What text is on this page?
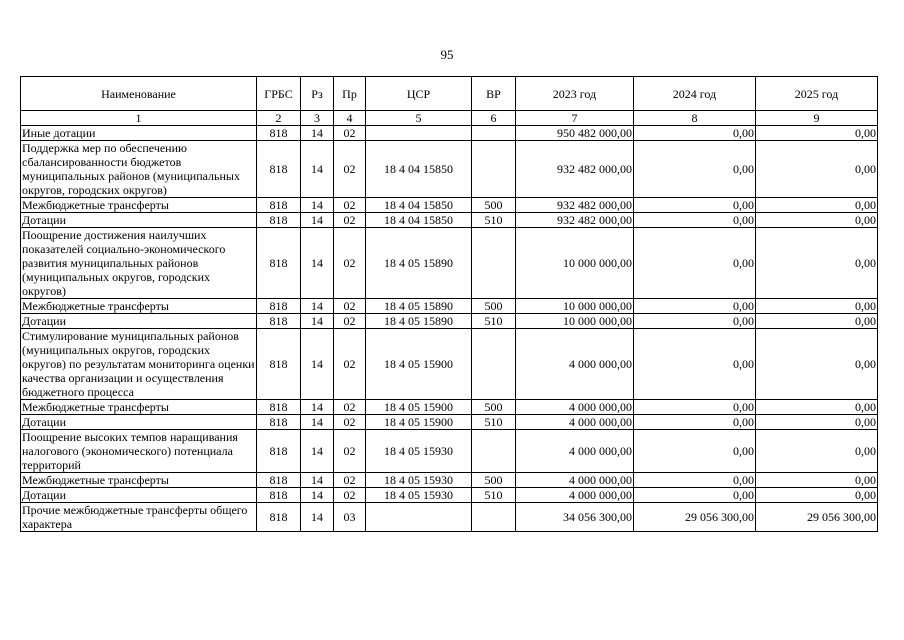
95
Наименование	ГРБС	Рз	Пр	ЦСР	ВР	2023 год	2024 год	2025 год
1	2	3	4	5	6	7	8	9
Иные дотации	818	14	02			950 482 000,00	0,00	0,00
Поддержка мер по обеспечению сбалансированности бюджетов муниципальных районов (муниципальных округов, городских округов)	818	14	02	18 4 04 15850		932 482 000,00	0,00	0,00
Межбюджетные трансферты	818	14	02	18 4 04 15850	500	932 482 000,00	0,00	0,00
Дотации	818	14	02	18 4 04 15850	510	932 482 000,00	0,00	0,00
Поощрение достижения наилучших показателей социально-экономического развития муниципальных районов (муниципальных округов, городских округов)	818	14	02	18 4 05 15890		10 000 000,00	0,00	0,00
Межбюджетные трансферты	818	14	02	18 4 05 15890	500	10 000 000,00	0,00	0,00
Дотации	818	14	02	18 4 05 15890	510	10 000 000,00	0,00	0,00
Стимулирование муниципальных районов (муниципальных округов, городских округов) по результатам мониторинга оценки качества организации и осуществления бюджетного процесса	818	14	02	18 4 05 15900		4 000 000,00	0,00	0,00
Межбюджетные трансферты	818	14	02	18 4 05 15900	500	4 000 000,00	0,00	0,00
Дотации	818	14	02	18 4 05 15900	510	4 000 000,00	0,00	0,00
Поощрение высоких темпов наращивания налогового (экономического) потенциала территорий	818	14	02	18 4 05 15930		4 000 000,00	0,00	0,00
Межбюджетные трансферты	818	14	02	18 4 05 15930	500	4 000 000,00	0,00	0,00
Дотации	818	14	02	18 4 05 15930	510	4 000 000,00	0,00	0,00
Прочие межбюджетные трансферты общего характера	818	14	03			34 056 300,00	29 056 300,00	29 056 300,00
